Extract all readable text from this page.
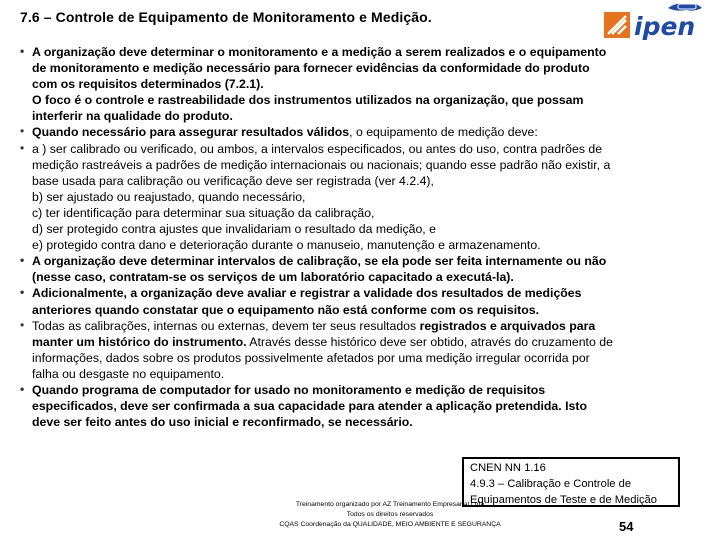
7.6 – Controle de Equipamento de Monitoramento e Medição.	ipen
• A organização deve determinar o monitoramento e a medição a serem realizados e o equipamento
de monitoramento e medição necessário para fornecer evidências da conformidade do produto
com os requisitos determinados (7.2.1).
O foco é o controle e rastreabilidade dos instrumentos utilizados na organização, que possam
interferir na qualidade do produto.
• Quando necessário para assegurar resultados válidos, o equipamento de medição deve:
• a ) ser calibrado ou verificado, ou ambos, a intervalos especificados, ou antes do uso, contra padrões de
medição rastreáveis a padrões de medição internacionais ou nacionais; quando esse padrão não existir, a
base usada para calibração ou verificação deve ser registrada (ver 4.2.4),
b) ser ajustado ou reajustado, quando necessário,
c) ter identificação para determinar sua situação da calibração,
d) ser protegido contra ajustes que invalidariam o resultado da medição, e
e) protegido contra dano e deterioração durante o manuseio, manutenção e armazenamento.
• A organização deve determinar intervalos de calibração, se ela pode ser feita internamente ou não
(nesse caso, contratam-se os serviços de um laboratório capacitado a executá-la).
• Adicionalmente, a organização deve avaliar e registrar a validade dos resultados de medições
anteriores quando constatar que o equipamento não está conforme com os requisitos.
• Todas as calibrações, internas ou externas, devem ter seus resultados registrados e arquivados para
manter um histórico do instrumento. Através desse histórico deve ser obtido, através do cruzamento de
informações, dados sobre os produtos possivelmente afetados por uma medição irregular ocorrida por
falha ou desgaste no equipamento.
• Quando programa de computador for usado no monitoramento e medição de requisitos
especificados, deve ser confirmada a sua capacidade para atender a aplicação pretendida. Isto
deve ser feito antes do uso inicial e reconfirmado, se necessário.
CNEN NN 1.16
4.9.3 – Calibração e Controle de
Equipamentos de Teste e de Medição
Treinamento organizado por AZ Treinamento Empresarial Ltda
Todos os direitos reservados
CQAS Coordenação da QUALIDADE, MEIO AMBIENTE E SEGURANÇA	54
